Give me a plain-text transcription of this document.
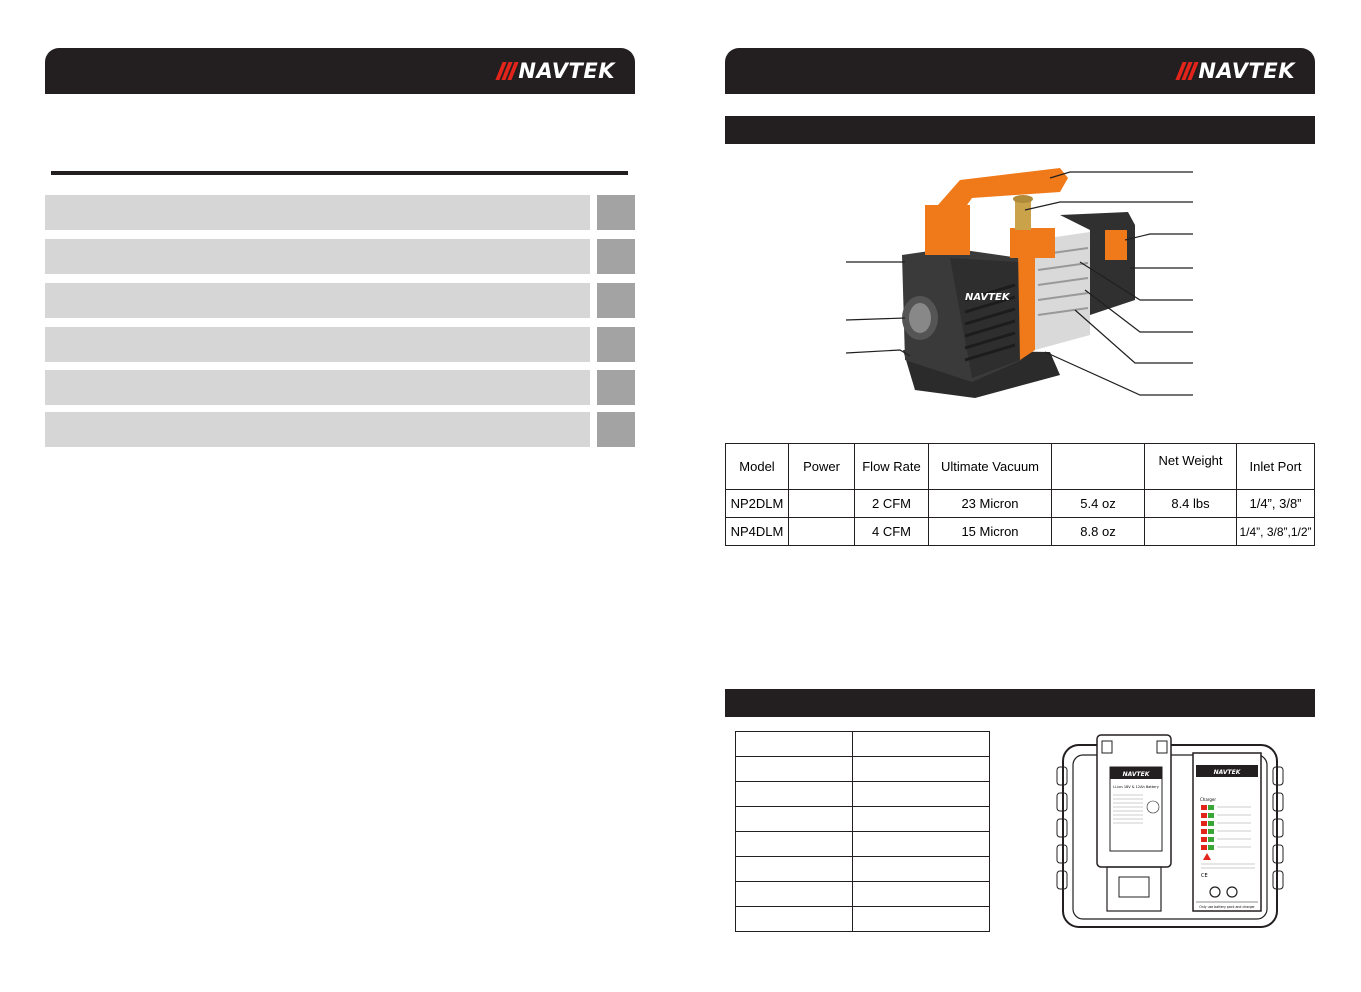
NAVTEK	NAVTEK
NAVTEK
Model	Power	Flow Rate	Ultimate Vacuum		Net Weight	Inlet Port
NP2DLM		2 CFM	23 Micron	5.4 oz	8.4 lbs	1/4”, 3/8”
NP4DLM		4 CFM	15 Micron	8.8 oz		1/4”, 3/8”,1/2”

NAVTEK
Li-ion 18V & 12Ah Battery
NAVTEK
Charger
CE
Only use battery pack and charger
